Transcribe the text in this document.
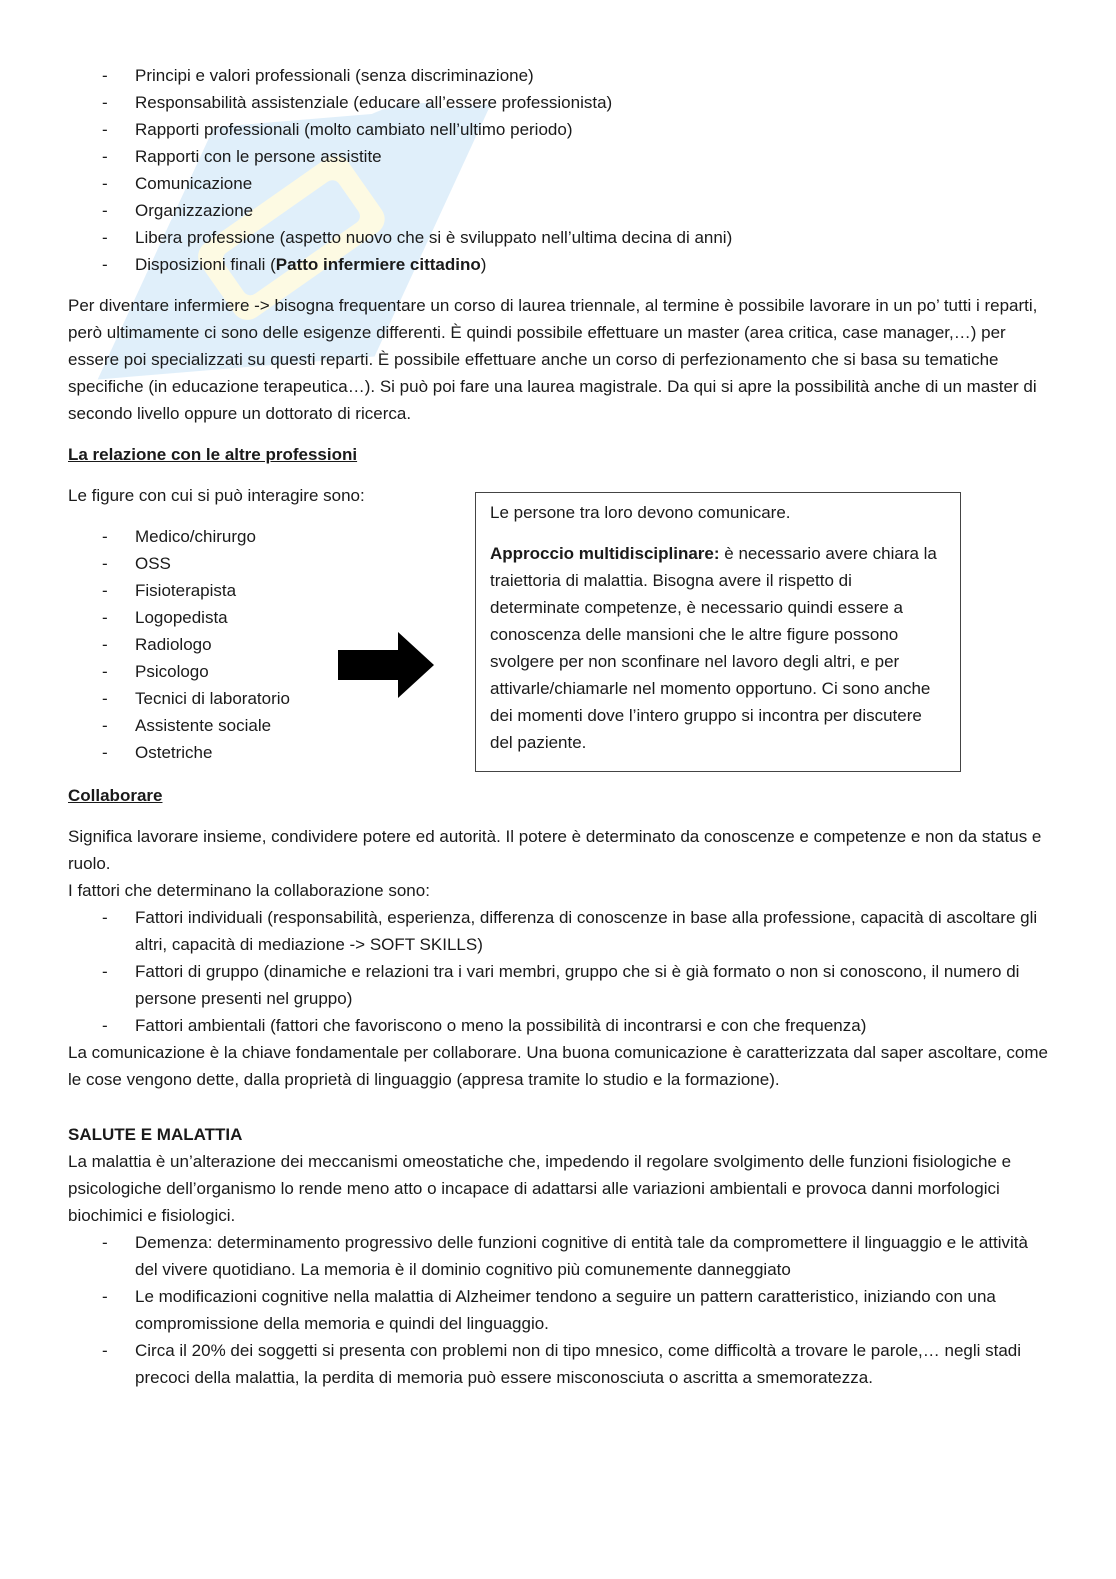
- Principi e valori professionali (senza discriminazione)
- Responsabilità assistenziale (educare all’essere professionista)
- Rapporti professionali (molto cambiato nell’ultimo periodo)
- Rapporti con le persone assistite
- Comunicazione
- Organizzazione
- Libera professione (aspetto nuovo che si è sviluppato nell’ultima decina di anni)
- Disposizioni finali (Patto infermiere cittadino)

Per diventare infermiere -> bisogna frequentare un corso di laurea triennale, al termine è possibile lavorare in un po’ tutti i reparti, però ultimamente ci sono delle esigenze differenti. È quindi possibile effettuare un master (area critica, case manager,…) per essere poi specializzati su questi reparti. È possibile effettuare anche un corso di perfezionamento che si basa su tematiche specifiche (in educazione terapeutica…). Si può poi fare una laurea magistrale. Da qui si apre la possibilità anche di un master di secondo livello oppure un dottorato di ricerca.

La relazione con le altre professioni

Le figure con cui si può interagire sono:

- Medico/chirurgo
- OSS
- Fisioterapista
- Logopedista
- Radiologo
- Psicologo
- Tecnici di laboratorio
- Assistente sociale
- Ostetriche

Le persone tra loro devono comunicare.

Approccio multidisciplinare: è necessario avere chiara la traiettoria di malattia. Bisogna avere il rispetto di determinate competenze, è necessario quindi essere a conoscenza delle mansioni che le altre figure possono svolgere per non sconfinare nel lavoro degli altri, e per attivarle/chiamarle nel momento opportuno. Ci sono anche dei momenti dove l’intero gruppo si incontra per discutere del paziente.

Collaborare

Significa lavorare insieme, condividere potere ed autorità. Il potere è determinato da conoscenze e competenze e non da status e ruolo.

I fattori che determinano la collaborazione sono:

- Fattori individuali (responsabilità, esperienza, differenza di conoscenze in base alla professione, capacità di ascoltare gli altri, capacità di mediazione -> SOFT SKILLS)
- Fattori di gruppo (dinamiche e relazioni tra i vari membri, gruppo che si è già formato o non si conoscono, il numero di persone presenti nel gruppo)
- Fattori ambientali (fattori che favoriscono o meno la possibilità di incontrarsi e con che frequenza)

La comunicazione è la chiave fondamentale per collaborare. Una buona comunicazione è caratterizzata dal saper ascoltare, come le cose vengono dette, dalla proprietà di linguaggio (appresa tramite lo studio e la formazione).

SALUTE E MALATTIA

La malattia è un’alterazione dei meccanismi omeostatiche che, impedendo il regolare svolgimento delle funzioni fisiologiche e psicologiche dell’organismo lo rende meno atto o incapace di adattarsi alle variazioni ambientali e provoca danni morfologici biochimici e fisiologici.

- Demenza: determinamento progressivo delle funzioni cognitive di entità tale da compromettere il linguaggio e le attività del vivere quotidiano. La memoria è il dominio cognitivo più comunemente danneggiato
- Le modificazioni cognitive nella malattia di Alzheimer tendono a seguire un pattern caratteristico, iniziando con una compromissione della memoria e quindi del linguaggio.
- Circa il 20% dei soggetti si presenta con problemi non di tipo mnesico, come difficoltà a trovare le parole,… negli stadi precoci della malattia, la perdita di memoria può essere misconosciuta o ascritta a smemoratezza.
